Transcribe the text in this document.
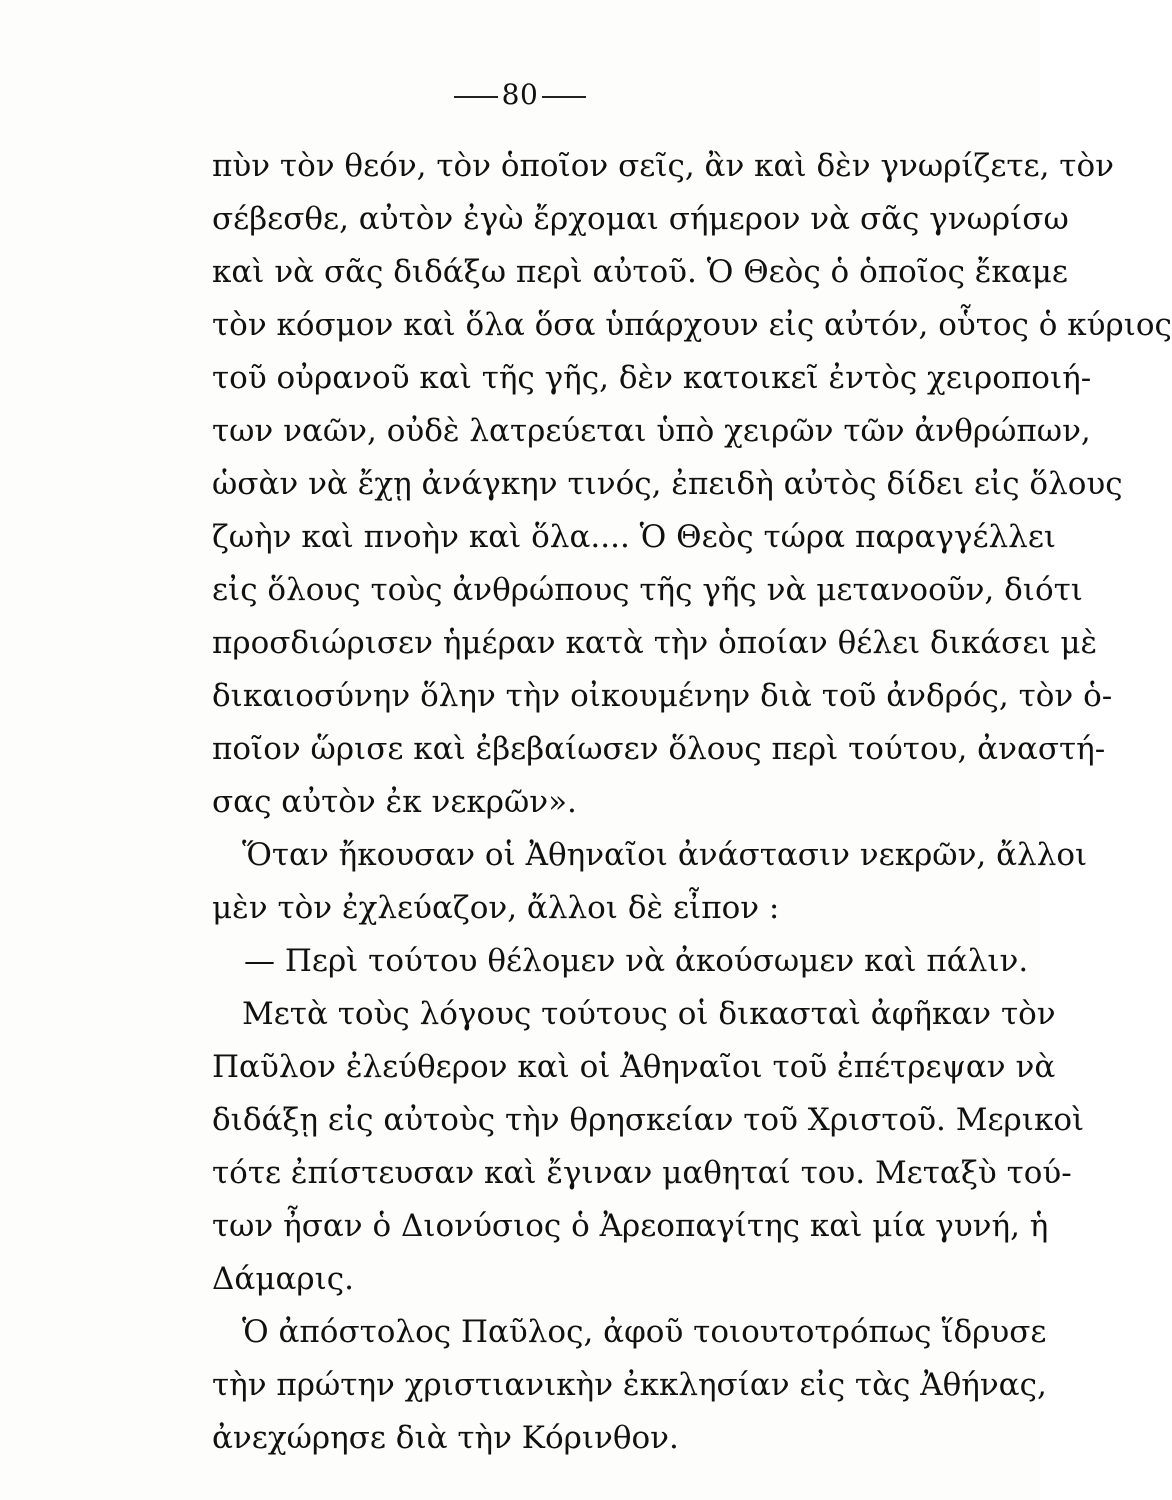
80
πὺν τὸν θεόν, τὸν ὁποῖον σεῖς, ἂν καὶ δὲν γνωρίζετε, τὸν
σέβεσθε, αὐτὸν ἐγὼ ἔρχομαι σήμερον νὰ σᾶς γνωρίσω
καὶ νὰ σᾶς διδάξω περὶ αὐτοῦ. Ὁ Θεὸς ὁ ὁποῖος ἔκαμε
τὸν κόσμον καὶ ὅλα ὅσα ὑπάρχουν εἰς αὐτόν, οὗτος ὁ κύριος
τοῦ οὐρανοῦ καὶ τῆς γῆς, δὲν κατοικεῖ ἐντὸς χειροποιή-
των ναῶν, οὐδὲ λατρεύεται ὑπὸ χειρῶν τῶν ἀνθρώπων,
ὡσὰν νὰ ἔχῃ ἀνάγκην τινός, ἐπειδὴ αὐτὸς δίδει εἰς ὅλους
ζωὴν καὶ πνοὴν καὶ ὅλα.... Ὁ Θεὸς τώρα παραγγέλλει
εἰς ὅλους τοὺς ἀνθρώπους τῆς γῆς νὰ μετανοοῦν, διότι
προσδιώρισεν ἡμέραν κατὰ τὴν ὁποίαν θέλει δικάσει μὲ
δικαιοσύνην ὅλην τὴν οἰκουμένην διὰ τοῦ ἀνδρός, τὸν ὁ-
ποῖον ὥρισε καὶ ἐβεβαίωσεν ὅλους περὶ τούτου, ἀναστή-
σας αὐτὸν ἐκ νεκρῶν».
Ὅταν ἤκουσαν οἱ Ἀθηναῖοι ἀνάστασιν νεκρῶν, ἄλλοι
μὲν τὸν ἐχλεύαζον, ἄλλοι δὲ εἶπον :
— Περὶ τούτου θέλομεν νὰ ἀκούσωμεν καὶ πάλιν.
Μετὰ τοὺς λόγους τούτους οἱ δικασταὶ ἀφῆκαν τὸν
Παῦλον ἐλεύθερον καὶ οἱ Ἀθηναῖοι τοῦ ἐπέτρεψαν νὰ
διδάξῃ εἰς αὐτοὺς τὴν θρησκείαν τοῦ Χριστοῦ. Μερικοὶ
τότε ἐπίστευσαν καὶ ἔγιναν μαθηταί του. Μεταξὺ τού-
των ἦσαν ὁ Διονύσιος ὁ Ἀρεοπαγίτης καὶ μία γυνή, ἡ
Δάμαρις.
Ὁ ἀπόστολος Παῦλος, ἀφοῦ τοιουτοτρόπως ἵδρυσε
τὴν πρώτην χριστιανικὴν ἐκκλησίαν εἰς τὰς Ἀθήνας,
ἀνεχώρησε διὰ τὴν Κόρινθον.
